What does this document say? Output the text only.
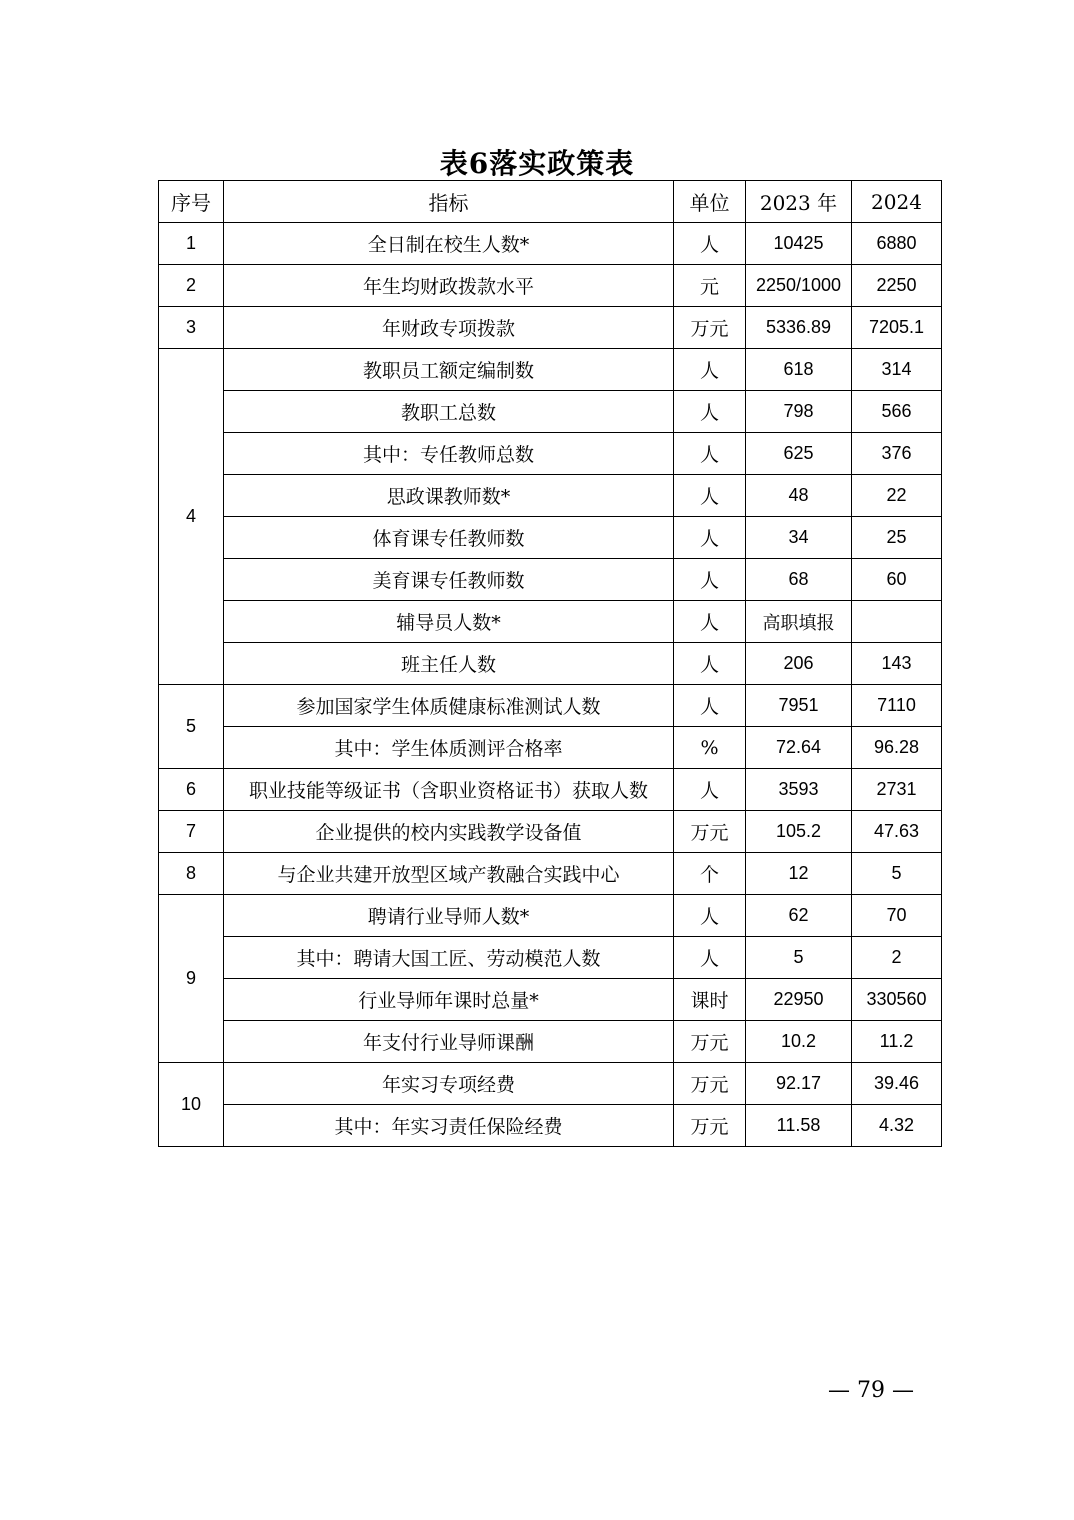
表6落实政策表
序号	指标	单位	2023 年	2024
1	全日制在校生人数*	人	10425	6880
2	年生均财政拨款水平	元	2250/1000	2250
3	年财政专项拨款	万元	5336.89	7205.1
4	教职员工额定编制数	人	618	314
	教职工总数	人	798	566
	其中：专任教师总数	人	625	376
	思政课教师数*	人	48	22
	体育课专任教师数	人	34	25
	美育课专任教师数	人	68	60
	辅导员人数*	人	高职填报	
	班主任人数	人	206	143
5	参加国家学生体质健康标准测试人数	人	7951	7110
	其中：学生体质测评合格率	%	72.64	96.28
6	职业技能等级证书（含职业资格证书）获取人数	人	3593	2731
7	企业提供的校内实践教学设备值	万元	105.2	47.63
8	与企业共建开放型区域产教融合实践中心	个	12	5
9	聘请行业导师人数*	人	62	70
	其中：聘请大国工匠、劳动模范人数	人	5	2
	行业导师年课时总量*	课时	22950	330560
	年支付行业导师课酬	万元	10.2	11.2
10	年实习专项经费	万元	92.17	39.46
	其中：年实习责任保险经费	万元	11.58	4.32
— 79 —
